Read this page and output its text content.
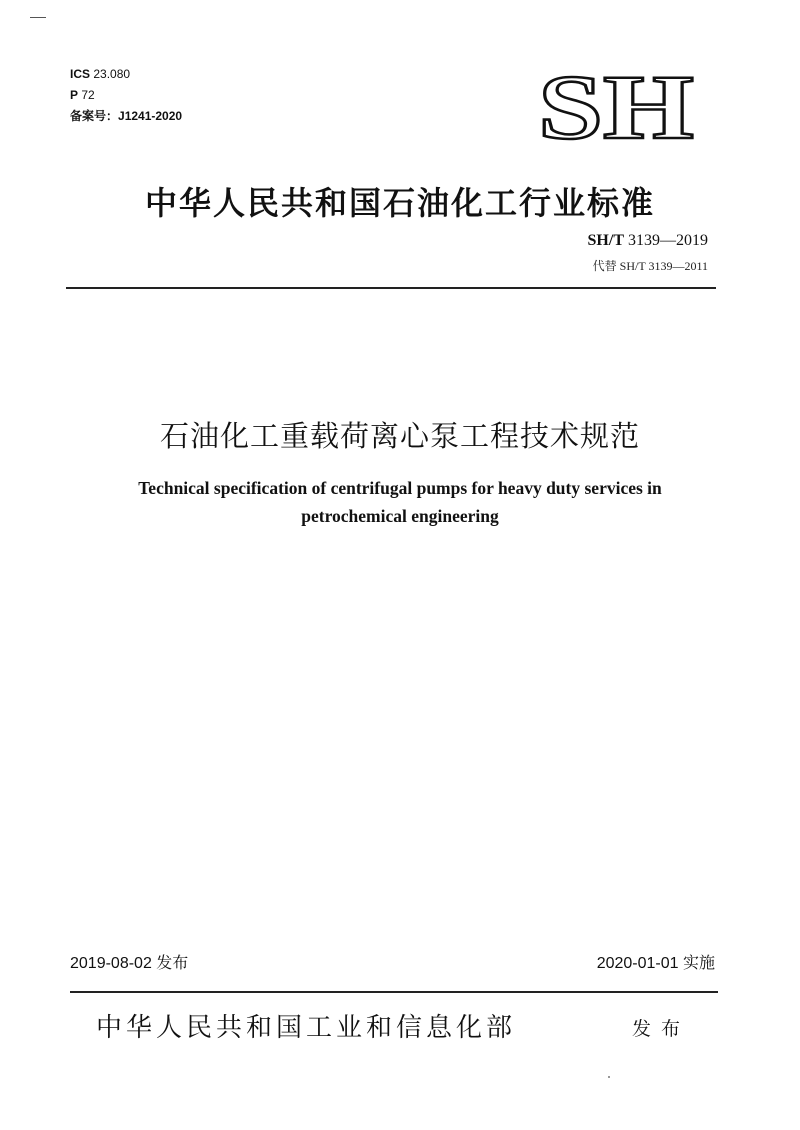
ICS 23.080
P 72
备案号：J1241-2020	SH
中华人民共和国石油化工行业标准
SH/T 3139—2019
代替 SH/T 3139—2011
石油化工重载荷离心泵工程技术规范
Technical specification of centrifugal pumps for heavy duty services in
petrochemical engineering
2019-08-02 发布	2020-01-01 实施
中华人民共和国工业和信息化部	发布
